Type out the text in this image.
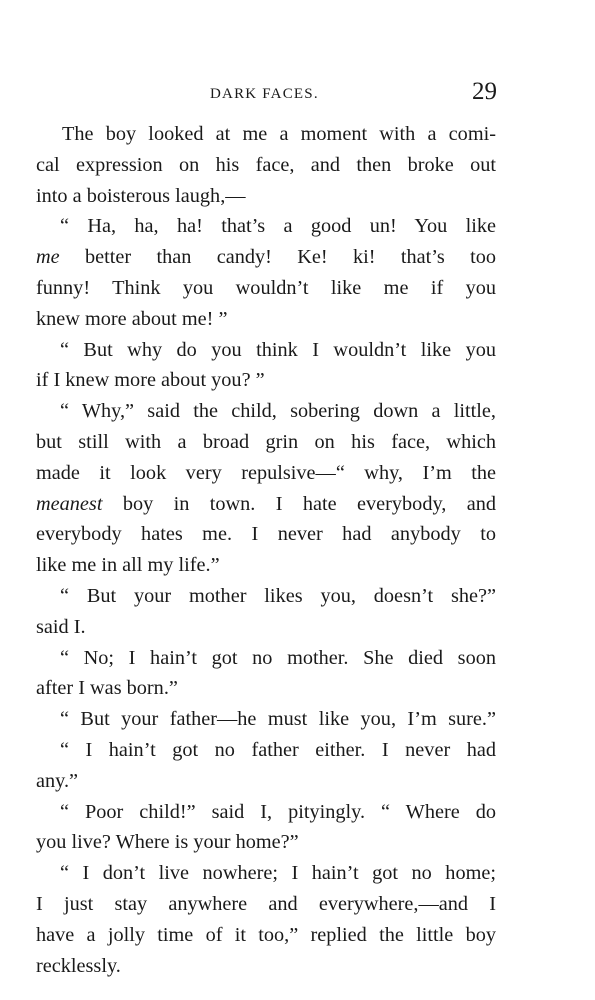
DARK FACES.	29
The boy looked at me a moment with a comi-
cal expression on his face, and then broke out
into a boisterous laugh,—
“ Ha, ha, ha! that’s a good un! You like
me better than candy! Ke! ki! that’s too
funny! Think you wouldn’t like me if you
knew more about me! ”
“ But why do you think I wouldn’t like you
if I knew more about you? ”
“ Why,” said the child, sobering down a little,
but still with a broad grin on his face, which
made it look very repulsive—“ why, I’m the
meanest boy in town. I hate everybody, and
everybody hates me. I never had anybody to
like me in all my life.”
“ But your mother likes you, doesn’t she?”
said I.
“ No; I hain’t got no mother. She died soon
after I was born.”
“ But your father—he must like you, I’m sure.”
“ I hain’t got no father either. I never had
any.”
“ Poor child!” said I, pityingly. “ Where do
you live? Where is your home?”
“ I don’t live nowhere; I hain’t got no home;
I just stay anywhere and everywhere,—and I
have a jolly time of it too,” replied the little boy
recklessly.
